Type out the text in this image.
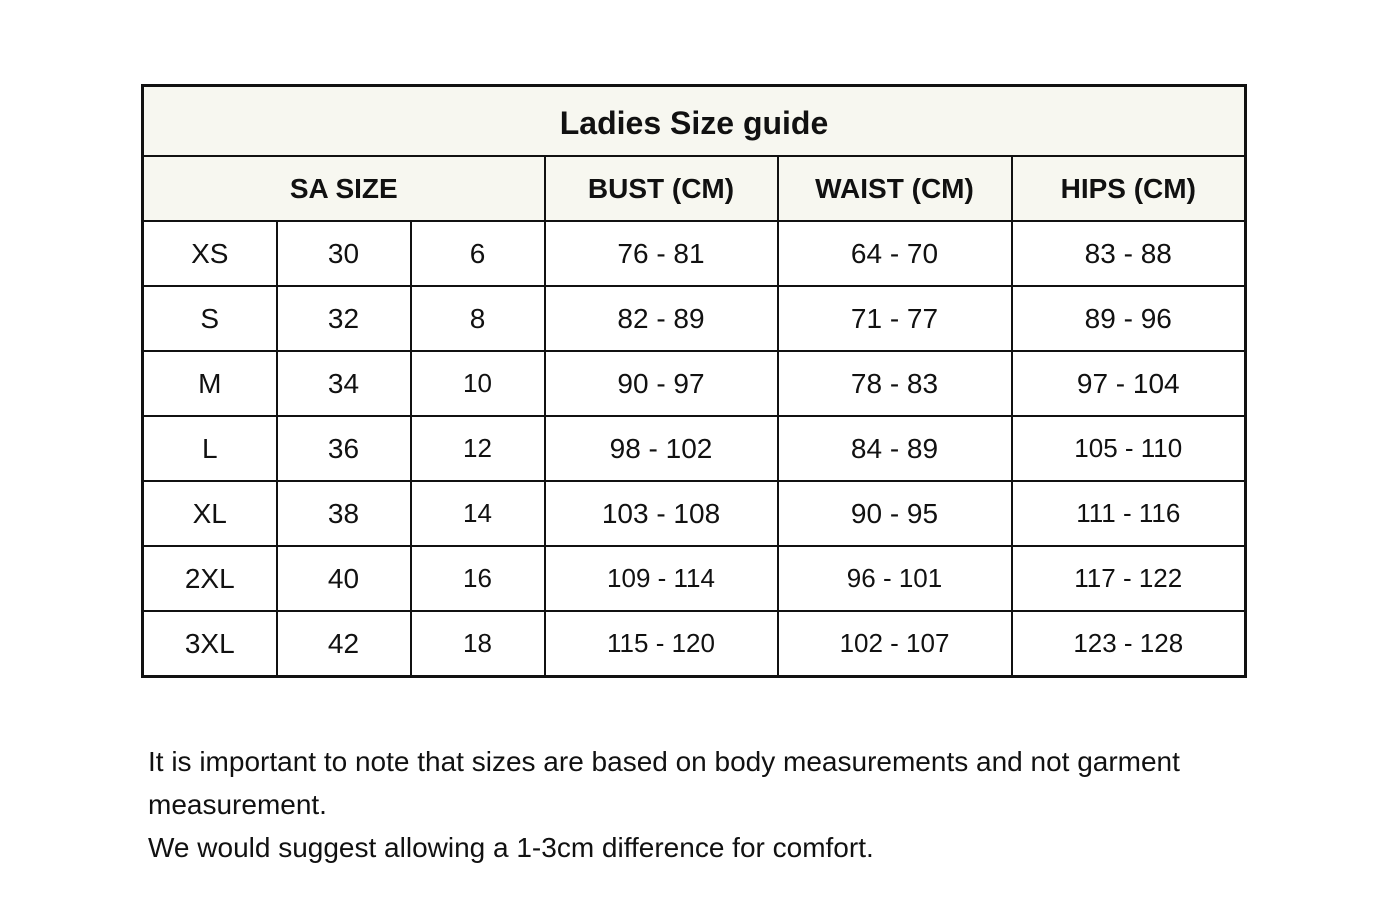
Ladies Size guide					
SA SIZE			BUST (CM)	WAIST (CM)	HIPS (CM)
XS	30	6	76 - 81	64 - 70	83 - 88
S	32	8	82 - 89	71 - 77	89 - 96
M	34	10	90 - 97	78 - 83	97 - 104
L	36	12	98 - 102	84 - 89	105 - 110
XL	38	14	103 - 108	90 - 95	111 - 116
2XL	40	16	109 - 114	96 - 101	117 - 122
3XL	42	18	115 - 120	102 - 107	123 - 128

It is important to note that sizes are based on body measurements and not garment measurement.

We would suggest allowing a 1-3cm difference for comfort.
